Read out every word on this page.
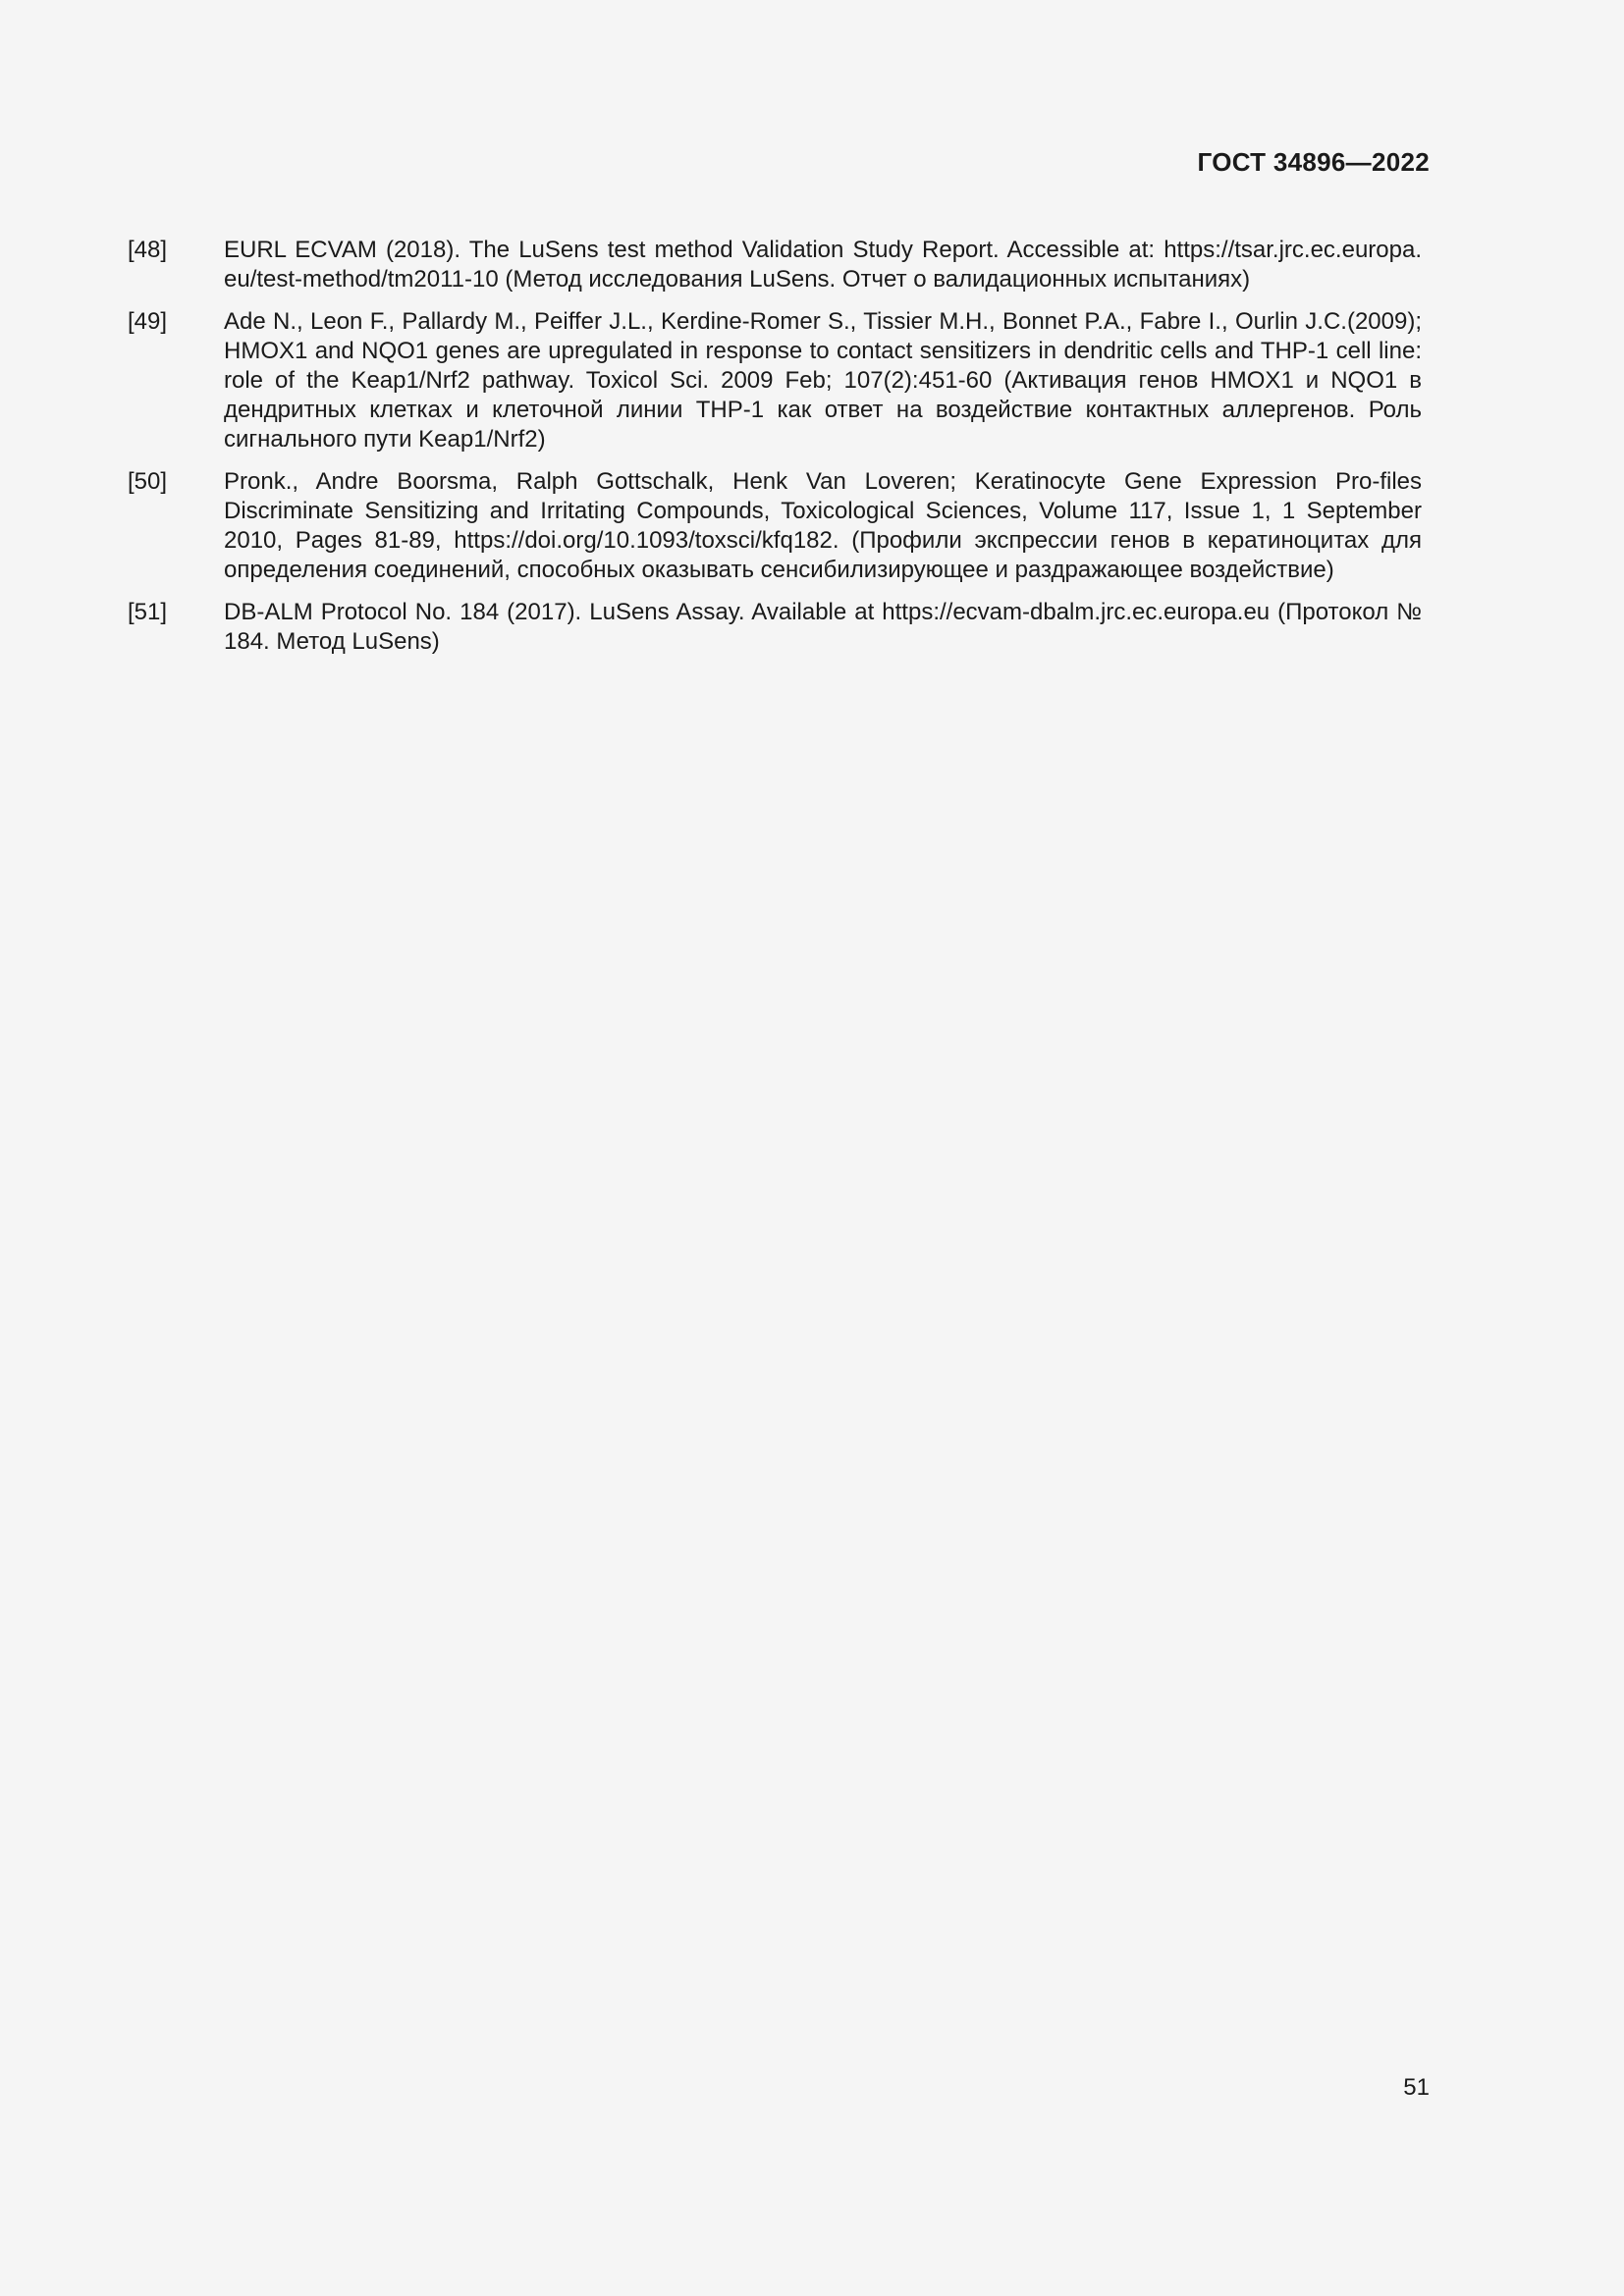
ГОСТ 34896—2022
[48]	EURL ECVAM (2018). The LuSens test method Validation Study Report. Accessible at: https://tsar.jrc.ec.europa. eu/test-method/tm2011-10 (Метод исследования LuSens. Отчет о валидационных испытаниях)
[49]	Ade N., Leon F., Pallardy M., Peiffer J.L., Kerdine-Romer S., Tissier M.H., Bonnet P.A., Fabre I., Ourlin J.C.(2009); HMOX1 and NQO1 genes are upregulated in response to contact sensitizers in dendritic cells and THP-1 cell line: role of the Keap1/Nrf2 pathway. Toxicol Sci. 2009 Feb; 107(2):451-60 (Активация генов HMOX1 и NQO1 в дендритных клетках и клеточной линии THP-1 как ответ на воздействие контактных аллергенов. Роль сигнального пути Keap1/Nrf2)
[50]	Pronk., Andre Boorsma, Ralph Gottschalk, Henk Van Loveren; Keratinocyte Gene Expression Pro-files Discriminate Sensitizing and Irritating Compounds, Toxicological Sciences, Volume 117, Issue 1, 1 September 2010, Pages 81-89, https://doi.org/10.1093/toxsci/kfq182. (Профили экспрессии генов в кератиноцитах для определения соединений, способных оказывать сенсибилизирующее и раздражающее воздействие)
[51]	DB-ALM Protocol No. 184 (2017). LuSens Assay. Available at https://ecvam-dbalm.jrc.ec.europa.eu (Протокол № 184. Метод LuSens)
51
